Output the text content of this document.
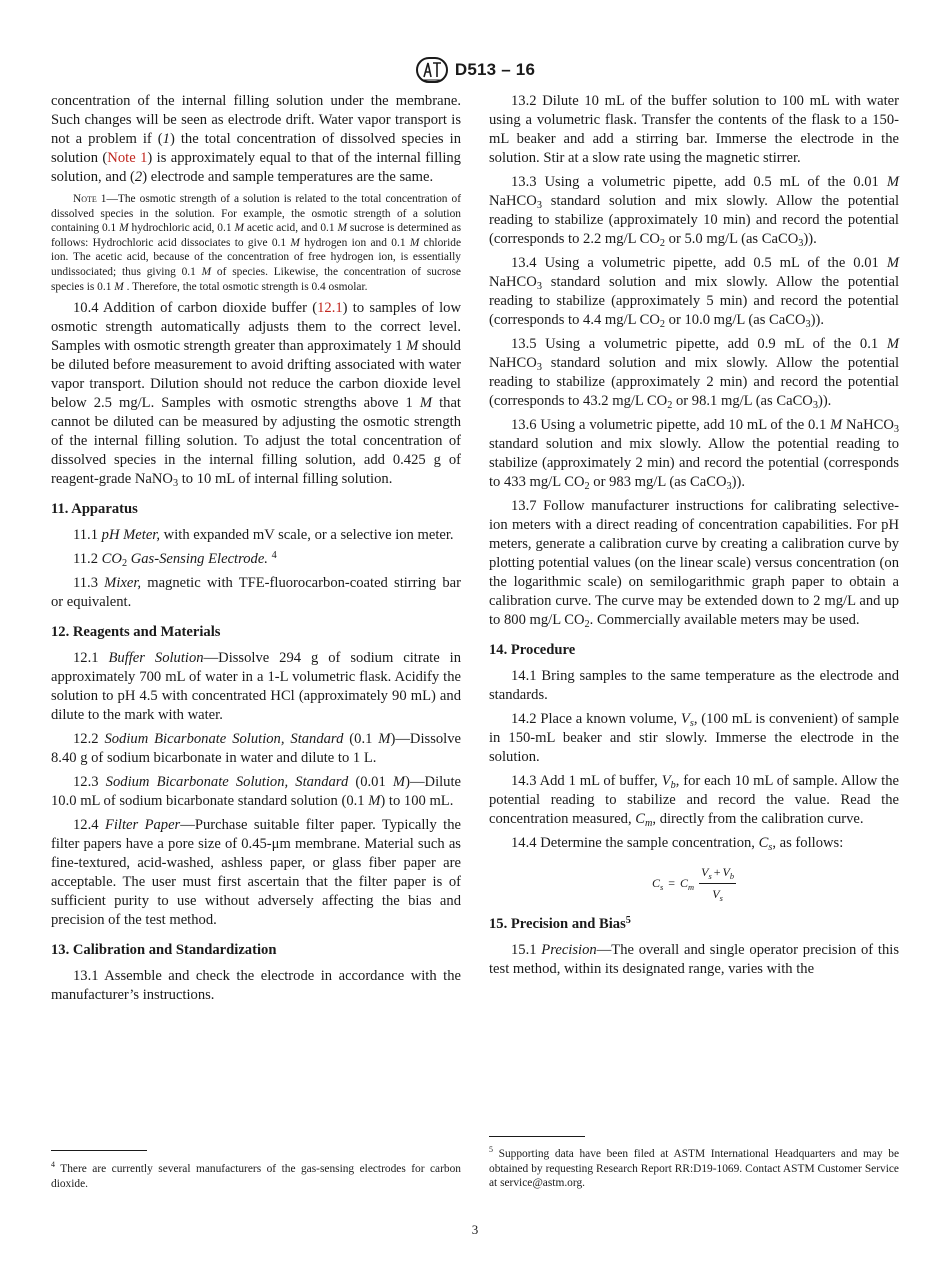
D513 – 16

concentration of the internal filling solution under the membrane. Such changes will be seen as electrode drift. Water vapor transport is not a problem if (1) the total concentration of dissolved species in solution (Note 1) is approximately equal to that of the internal filling solution, and (2) electrode and sample temperatures are the same.

Note 1—The osmotic strength of a solution is related to the total concentration of dissolved species in the solution. For example, the osmotic strength of a solution containing 0.1 M hydrochloric acid, 0.1 M acetic acid, and 0.1 M sucrose is determined as follows: Hydrochloric acid dissociates to give 0.1 M hydrogen ion and 0.1 M chloride ion. The acetic acid, because of the concentration of free hydrogen ion, is essentially undissociated; thus giving 0.1 M of species. Likewise, the concentration of sucrose species is 0.1 M . Therefore, the total osmotic strength is 0.4 osmolar.

10.4 Addition of carbon dioxide buffer (12.1) to samples of low osmotic strength automatically adjusts them to the correct level. Samples with osmotic strength greater than approximately 1 M should be diluted before measurement to avoid drifting associated with water vapor transport. Dilution should not reduce the carbon dioxide level below 2.5 mg/L. Samples with osmotic strengths above 1 M that cannot be diluted can be measured by adjusting the osmotic strength of the internal filling solution. To adjust the total concentration of dissolved species in the internal filling solution, add 0.425 g of reagent-grade NaNO$_3$ to 10 mL of internal filling solution.

11. Apparatus

11.1 pH Meter, with expanded mV scale, or a selective ion meter.

11.2 $CO_2$ Gas-Sensing Electrode. $^4$

11.3 Mixer, magnetic with TFE-fluorocarbon-coated stirring bar or equivalent.

12. Reagents and Materials

12.1 Buffer Solution—Dissolve 294 g of sodium citrate in approximately 700 mL of water in a 1-L volumetric flask. Acidify the solution to pH 4.5 with concentrated HCl (approximately 90 mL) and dilute to the mark with water.

12.2 Sodium Bicarbonate Solution, Standard (0.1 M)—Dissolve 8.40 g of sodium bicarbonate in water and dilute to 1 L.

12.3 Sodium Bicarbonate Solution, Standard (0.01 M)—Dilute 10.0 mL of sodium bicarbonate standard solution (0.1 M) to 100 mL.

12.4 Filter Paper—Purchase suitable filter paper. Typically the filter papers have a pore size of 0.45-μm membrane. Material such as fine-textured, acid-washed, ashless paper, or glass fiber paper are acceptable. The user must first ascertain that the filter paper is of sufficient purity to use without adversely affecting the bias and precision of the test method.

13. Calibration and Standardization

13.1 Assemble and check the electrode in accordance with the manufacturer’s instructions.

13.2 Dilute 10 mL of the buffer solution to 100 mL with water using a volumetric flask. Transfer the contents of the flask to a 150-mL beaker and add a stirring bar. Immerse the electrode in the solution. Stir at a slow rate using the magnetic stirrer.

13.3 Using a volumetric pipette, add 0.5 mL of the 0.01 M NaHCO$_3$ standard solution and mix slowly. Allow the potential reading to stabilize (approximately 10 min) and record the potential (corresponds to 2.2 mg/L $CO_2$ or 5.0 mg/L (as CaCO$_3$)).

13.4 Using a volumetric pipette, add 0.5 mL of the 0.01 M NaHCO$_3$ standard solution and mix slowly. Allow the potential reading to stabilize (approximately 5 min) and record the potential (corresponds to 4.4 mg/L $CO_2$ or 10.0 mg/L (as CaCO$_3$)).

13.5 Using a volumetric pipette, add 0.9 mL of the 0.1 M NaHCO$_3$ standard solution and mix slowly. Allow the potential reading to stabilize (approximately 2 min) and record the potential (corresponds to 43.2 mg/L $CO_2$ or 98.1 mg/L (as CaCO$_3$)).

13.6 Using a volumetric pipette, add 10 mL of the 0.1 M NaHCO$_3$ standard solution and mix slowly. Allow the potential reading to stabilize (approximately 2 min) and record the potential (corresponds to 433 mg/L $CO_2$ or 983 mg/L (as CaCO$_3$)).

13.7 Follow manufacturer instructions for calibrating selective-ion meters with a direct reading of concentration capabilities. For pH meters, generate a calibration curve by creating a calibration curve by plotting potential values (on the linear scale) versus concentration (on the logarithmic scale) on semilogarithmic graph paper to obtain a calibration curve. The curve may be extended down to 2 mg/L and up to 800 mg/L $CO_2$. Commercially available meters may be used.

14. Procedure

14.1 Bring samples to the same temperature as the electrode and standards.

14.2 Place a known volume, $V_s$, (100 mL is convenient) of sample in 150-mL beaker and stir slowly. Immerse the electrode in the solution.

14.3 Add 1 mL of buffer, $V_b$, for each 10 mL of sample. Allow the potential reading to stabilize and record the value. Read the concentration measured, $C_m$, directly from the calibration curve.

14.4 Determine the sample concentration, $C_s$, as follows:

$C_s = C_m \frac{V_s + V_b}{V_s}$
15. Precision and Bias$^5$

15.1 Precision—The overall and single operator precision of this test method, within its designated range, varies with the

$^4$ There are currently several manufacturers of the gas-sensing electrodes for carbon dioxide.

$^5$ Supporting data have been filed at ASTM International Headquarters and may be obtained by requesting Research Report RR:D19-1069. Contact ASTM Customer Service at service@astm.org.

3
